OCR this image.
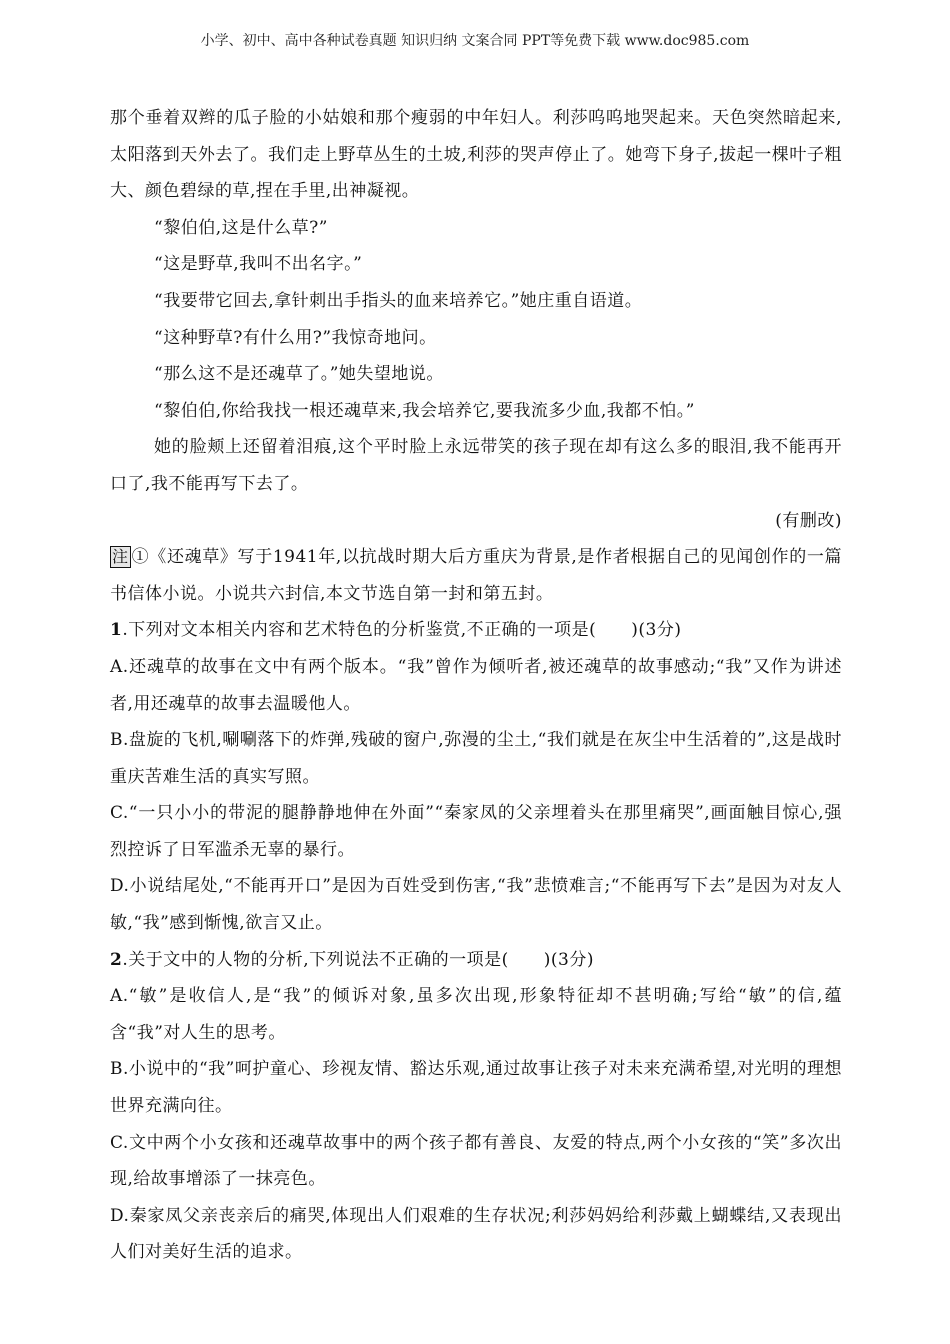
小学、初中、高中各种试卷真题 知识归纳 文案合同 PPT等免费下载 www.doc985.com

那个垂着双辫的瓜子脸的小姑娘和那个瘦弱的中年妇人。利莎呜呜地哭起来。天色突然暗起来,太阳落到天外去了。我们走上野草丛生的土坡,利莎的哭声停止了。她弯下身子,拔起一棵叶子粗大、颜色碧绿的草,捏在手里,出神凝视。

“黎伯伯,这是什么草?”

“这是野草,我叫不出名字。”

“我要带它回去,拿针刺出手指头的血来培养它。”她庄重自语道。

“这种野草?有什么用?”我惊奇地问。

“那么这不是还魂草了。”她失望地说。

“黎伯伯,你给我找一根还魂草来,我会培养它,要我流多少血,我都不怕。”

她的脸颊上还留着泪痕,这个平时脸上永远带笑的孩子现在却有这么多的眼泪,我不能再开口了,我不能再写下去了。

(有删改)

注 ①《还魂草》写于1941年,以抗战时期大后方重庆为背景,是作者根据自己的见闻创作的一篇书信体小说。小说共六封信,本文节选自第一封和第五封。

1.下列对文本相关内容和艺术特色的分析鉴赏,不正确的一项是(　　)(3分)

A.还魂草的故事在文中有两个版本。“我”曾作为倾听者,被还魂草的故事感动;“我”又作为讲述者,用还魂草的故事去温暖他人。

B.盘旋的飞机,唰唰落下的炸弹,残破的窗户,弥漫的尘土,“我们就是在灰尘中生活着的”,这是战时重庆苦难生活的真实写照。

C.“一只小小的带泥的腿静静地伸在外面”“秦家凤的父亲埋着头在那里痛哭”,画面触目惊心,强烈控诉了日军滥杀无辜的暴行。

D.小说结尾处,“不能再开口”是因为百姓受到伤害,“我”悲愤难言;“不能再写下去”是因为对友人敏,“我”感到惭愧,欲言又止。

2.关于文中的人物的分析,下列说法不正确的一项是(　　)(3分)

A.“敏”是收信人,是“我”的倾诉对象,虽多次出现,形象特征却不甚明确;写给“敏”的信,蕴含“我”对人生的思考。

B.小说中的“我”呵护童心、珍视友情、豁达乐观,通过故事让孩子对未来充满希望,对光明的理想世界充满向往。

C.文中两个小女孩和还魂草故事中的两个孩子都有善良、友爱的特点,两个小女孩的“笑”多次出现,给故事增添了一抹亮色。

D.秦家凤父亲丧亲后的痛哭,体现出人们艰难的生存状况;利莎妈妈给利莎戴上蝴蝶结,又表现出人们对美好生活的追求。
